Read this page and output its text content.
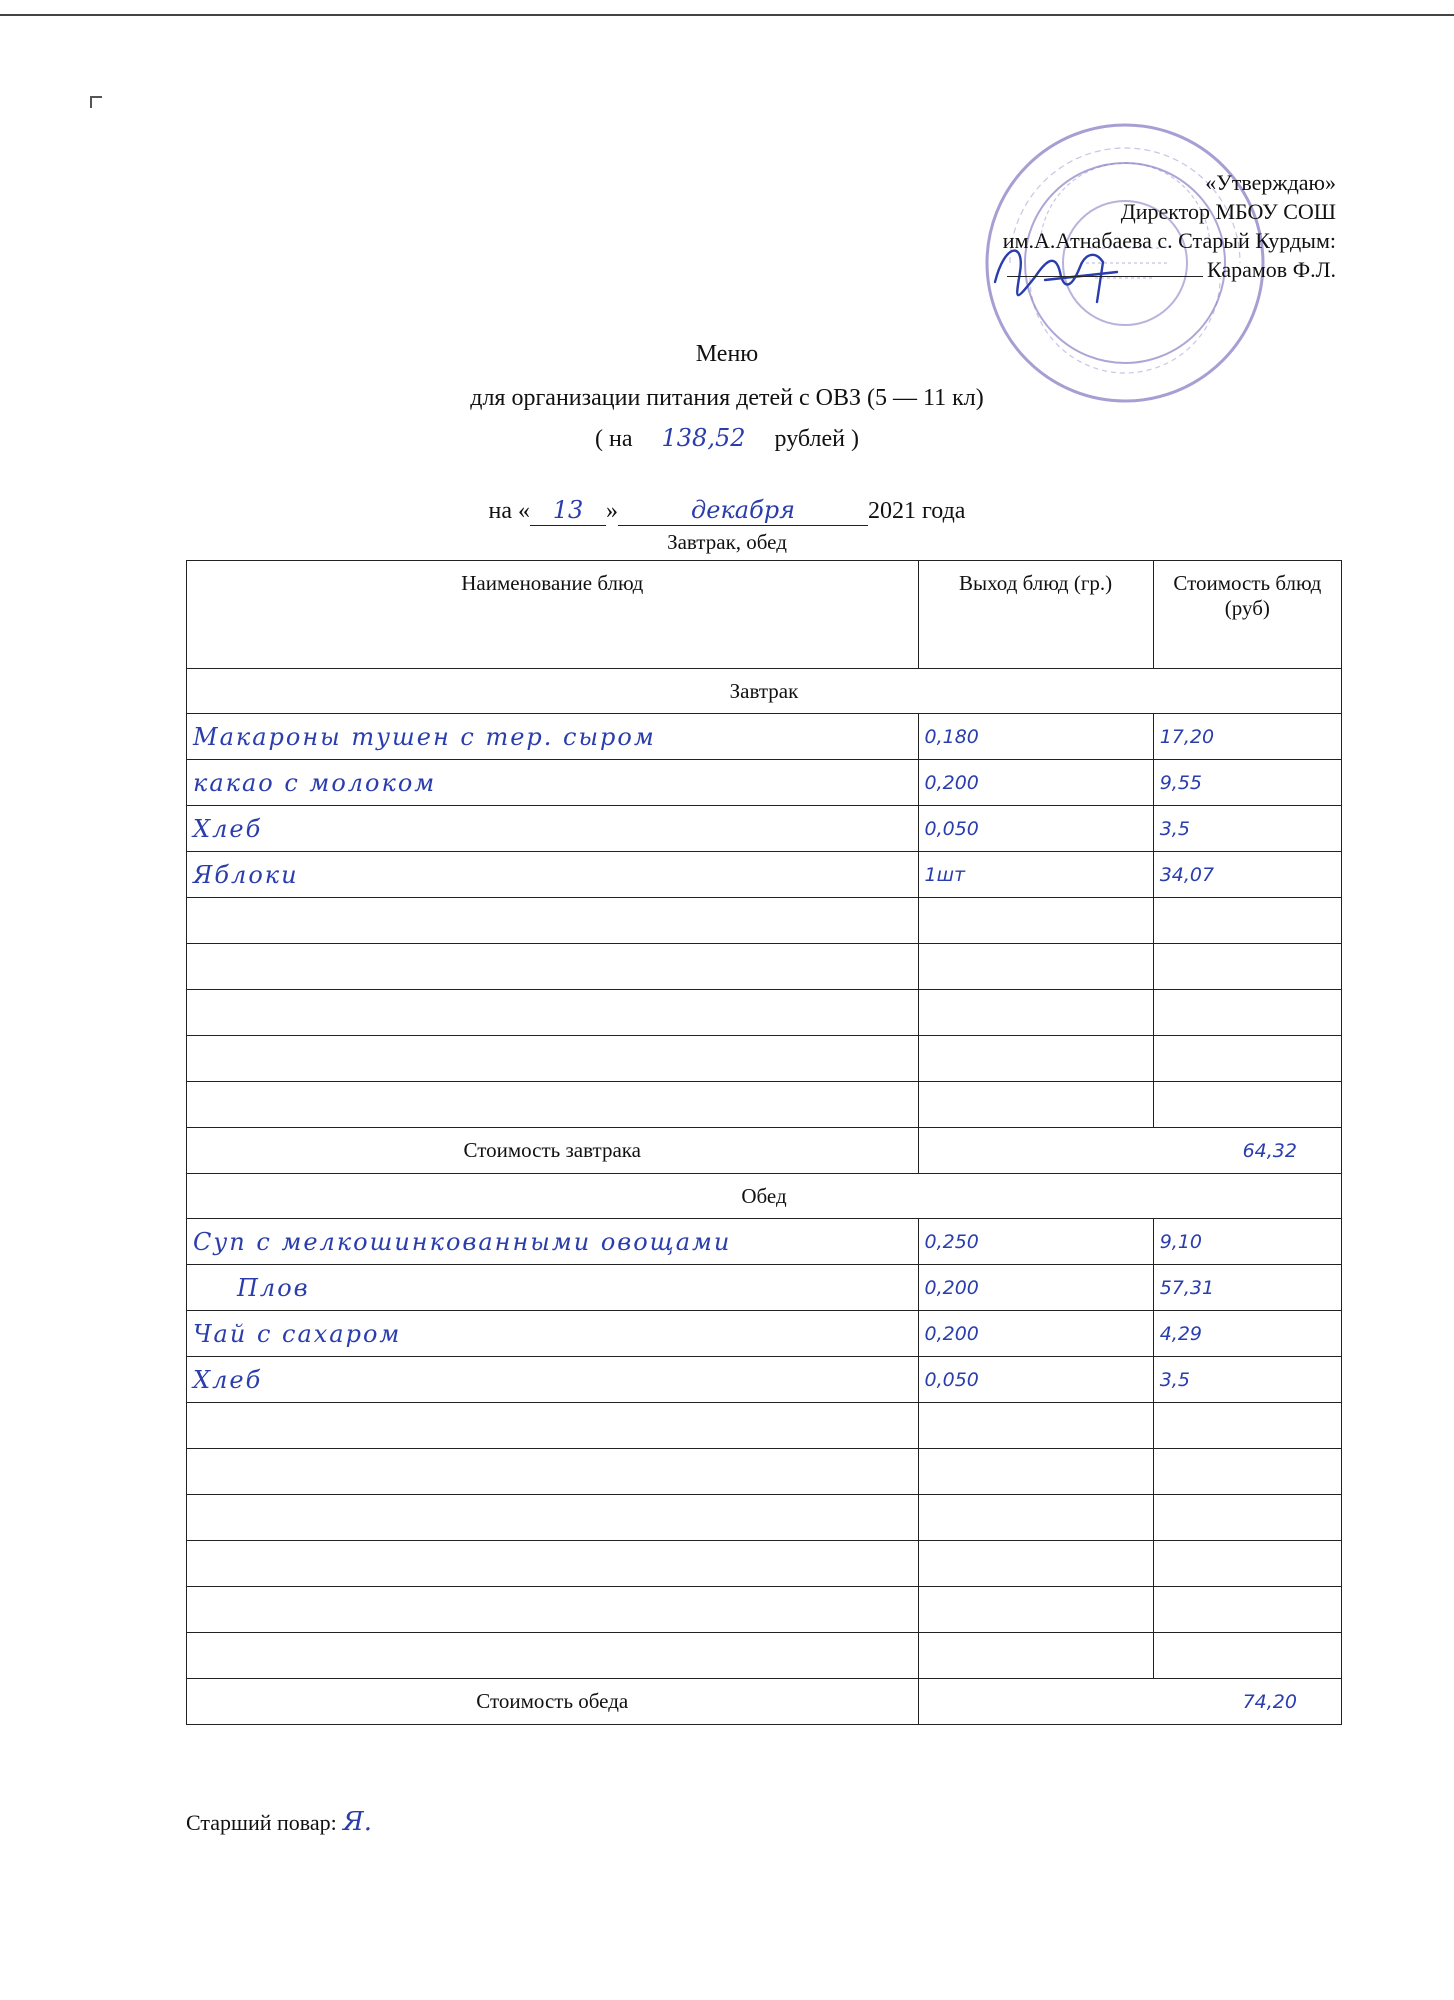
«Утверждаю»
Директор МБОУ СОШ
им.А.Атнабаева с. Старый Курдым:
Карамов Ф.Л.
Меню
для организации питания детей с ОВЗ (5 — 11 кл)
( на 138,52 рублей )
на « 13 »	декабря	2021 года
Завтрак, обед
Наименование блюд	Выход блюд (гр.)	Стоимость блюд (руб)
Завтрак		
Макароны тушен с тер. сыром	0,180	17,20
какао с молоком	0,200	9,55
Хлеб	0,050	3,5
Яблоки	1шт	34,07

Стоимость завтрака	64,32	
Обед		
Суп с мелкошинкованными овощами	0,250	9,10
Плов	0,200	57,31
Чай с сахаром	0,200	4,29
Хлеб	0,050	3,5

Стоимость обеда	74,20	
Старший повар: Я.
